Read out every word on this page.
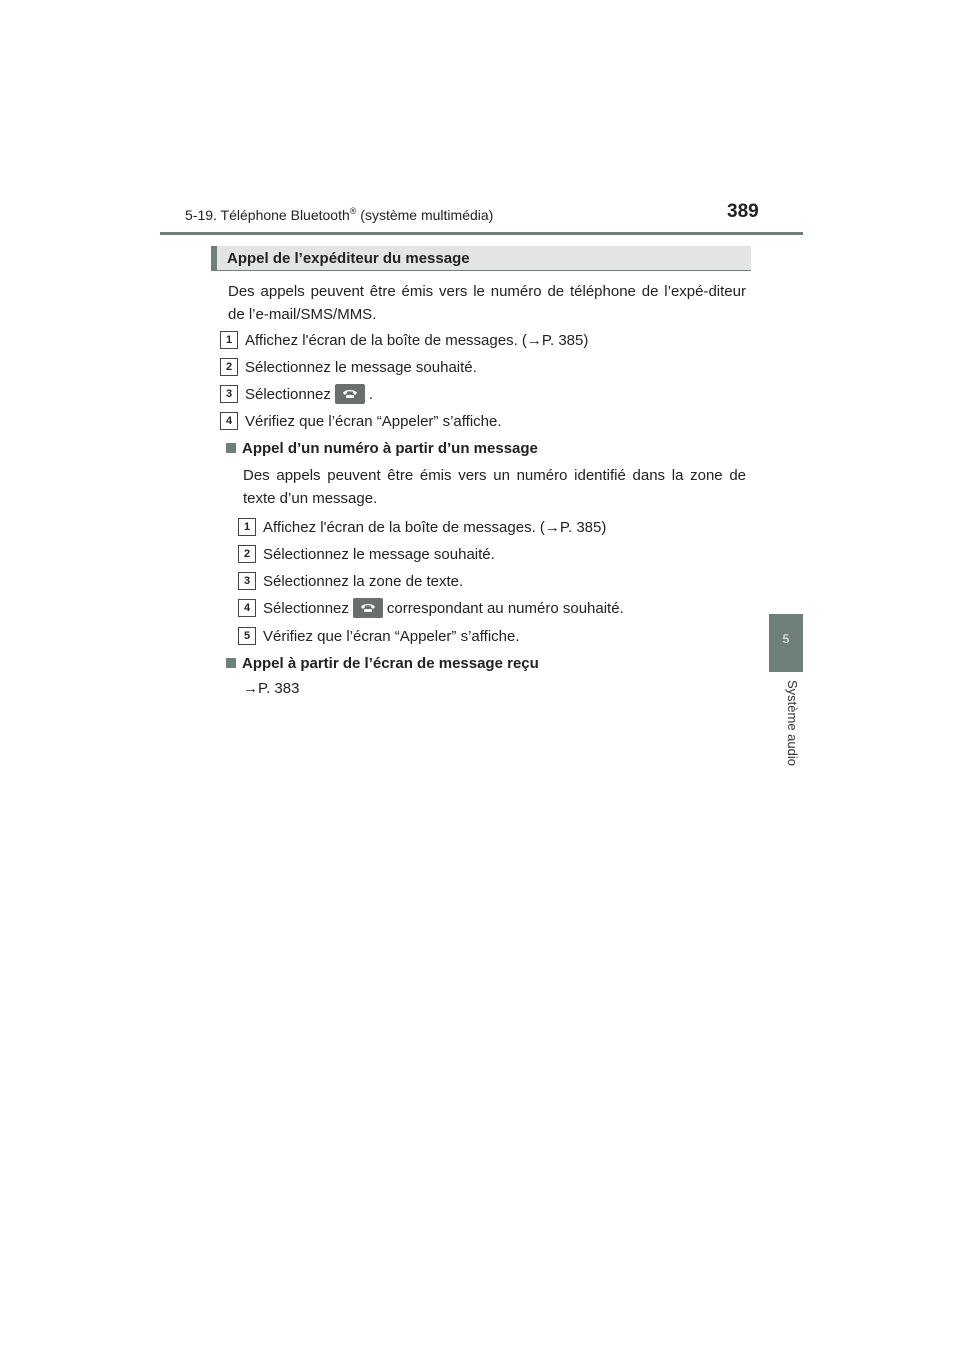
5-19. Téléphone Bluetooth® (système multimédia)	389
5
Système audio
Appel de l’expéditeur du message
Des appels peuvent être émis vers le numéro de téléphone de l’expé-diteur de l’e-mail/SMS/MMS.
1 Affichez l'écran de la boîte de messages. (→P. 385)
2 Sélectionnez le message souhaité.
3 Sélectionnez	.
4 Vérifiez que l’écran “Appeler” s’affiche.
Appel d’un numéro à partir d’un message
Des appels peuvent être émis vers un numéro identifié dans la zone de texte d’un message.
1 Affichez l'écran de la boîte de messages. (→P. 385)
2 Sélectionnez le message souhaité.
3 Sélectionnez la zone de texte.
4 Sélectionnez	correspondant au numéro souhaité.
5 Vérifiez que l’écran “Appeler” s’affiche.
Appel à partir de l’écran de message reçu
→P. 383
